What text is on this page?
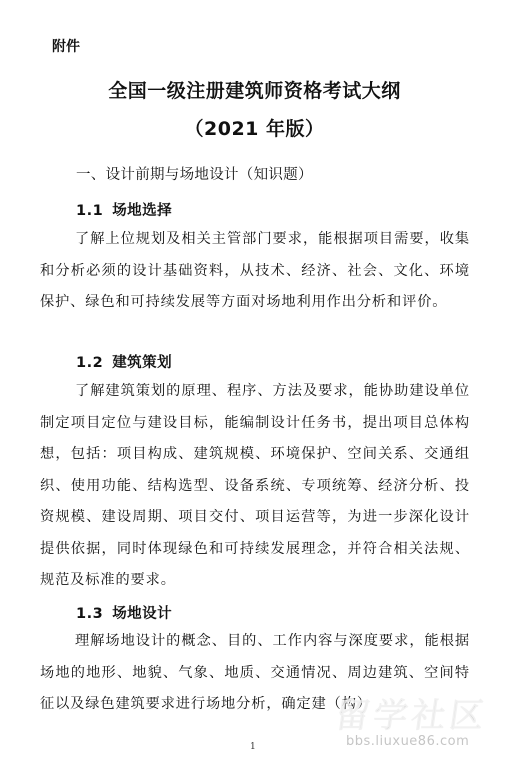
附件
全国一级注册建筑师资格考试大纲
（2021 年版）
一、设计前期与场地设计（知识题）
1.1 场地选择
了解上位规划及相关主管部门要求，能根据项目需要，收集和分析必须的设计基础资料，从技术、经济、社会、文化、环境保护、绿色和可持续发展等方面对场地利用作出分析和评价。
1.2 建筑策划
了解建筑策划的原理、程序、方法及要求，能协助建设单位制定项目定位与建设目标，能编制设计任务书，提出项目总体构想，包括：项目构成、建筑规模、环境保护、空间关系、交通组织、使用功能、结构选型、设备系统、专项统筹、经济分析、投资规模、建设周期、项目交付、项目运营等，为进一步深化设计提供依据，同时体现绿色和可持续发展理念，并符合相关法规、规范及标准的要求。
1.3 场地设计
理解场地设计的概念、目的、工作内容与深度要求，能根据场地的地形、地貌、气象、地质、交通情况、周边建筑、空间特征以及绿色建筑要求进行场地分析，确定建（构）
1
留学社区
bbs.liuxue86.com
